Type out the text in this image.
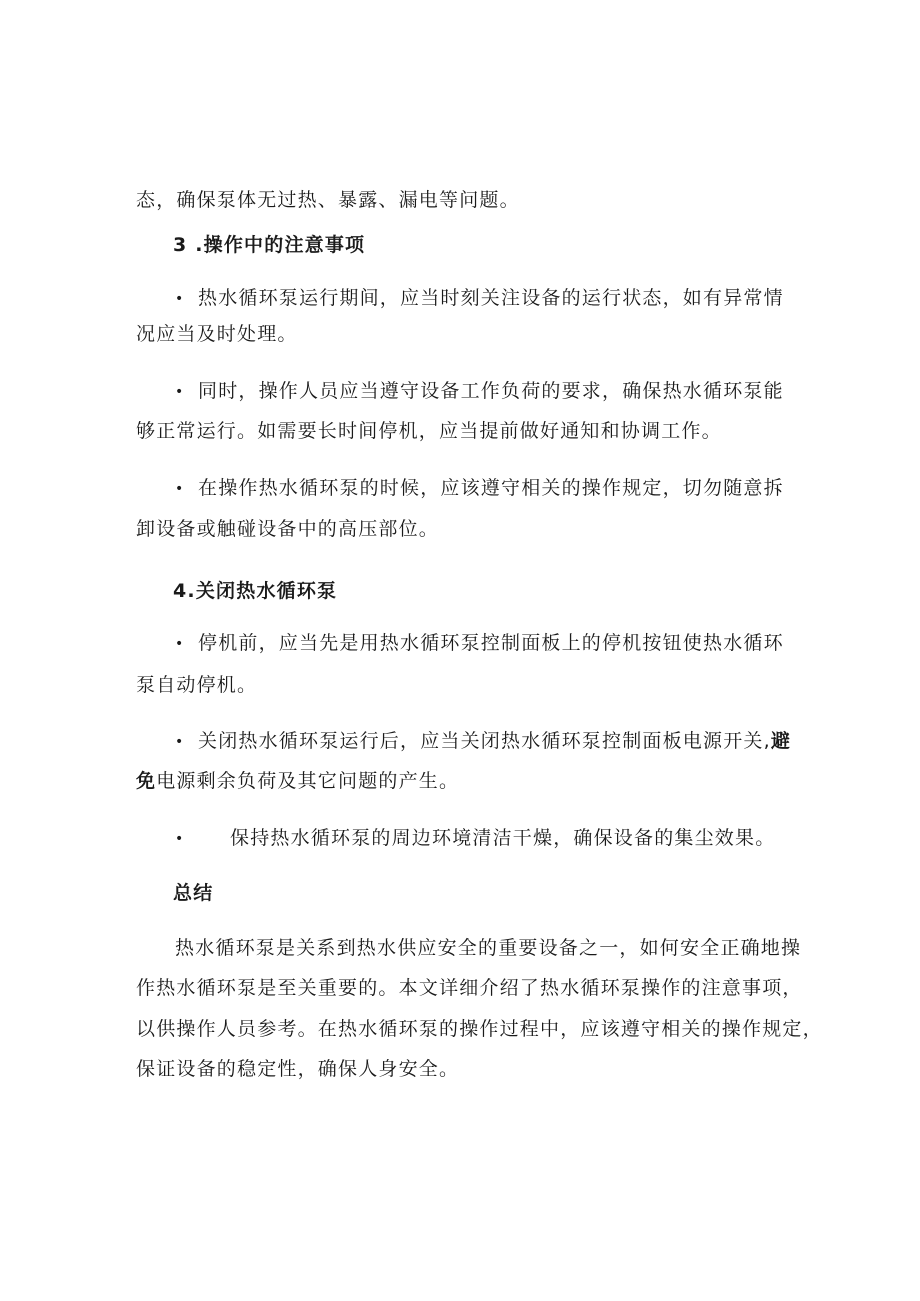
态，确保泵体无过热、暴露、漏电等问题。
3 .操作中的注意事项
• 热水循环泵运行期间，应当时刻关注设备的运行状态，如有异常情
况应当及时处理。
• 同时，操作人员应当遵守设备工作负荷的要求，确保热水循环泵能
够正常运行。如需要长时间停机，应当提前做好通知和协调工作。
• 在操作热水循环泵的时候，应该遵守相关的操作规定，切勿随意拆
卸设备或触碰设备中的高压部位。
4.关闭热水循环泵
• 停机前，应当先是用热水循环泵控制面板上的停机按钮使热水循环
泵自动停机。
• 关闭热水循环泵运行后，应当关闭热水循环泵控制面板电源开关,避
免电源剩余负荷及其它问题的产生。
• 保持热水循环泵的周边环境清洁干燥，确保设备的集尘效果。
总结
热水循环泵是关系到热水供应安全的重要设备之一，如何安全正确地操
作热水循环泵是至关重要的。本文详细介绍了热水循环泵操作的注意事项，
以供操作人员参考。在热水循环泵的操作过程中，应该遵守相关的操作规定，
保证设备的稳定性，确保人身安全。
